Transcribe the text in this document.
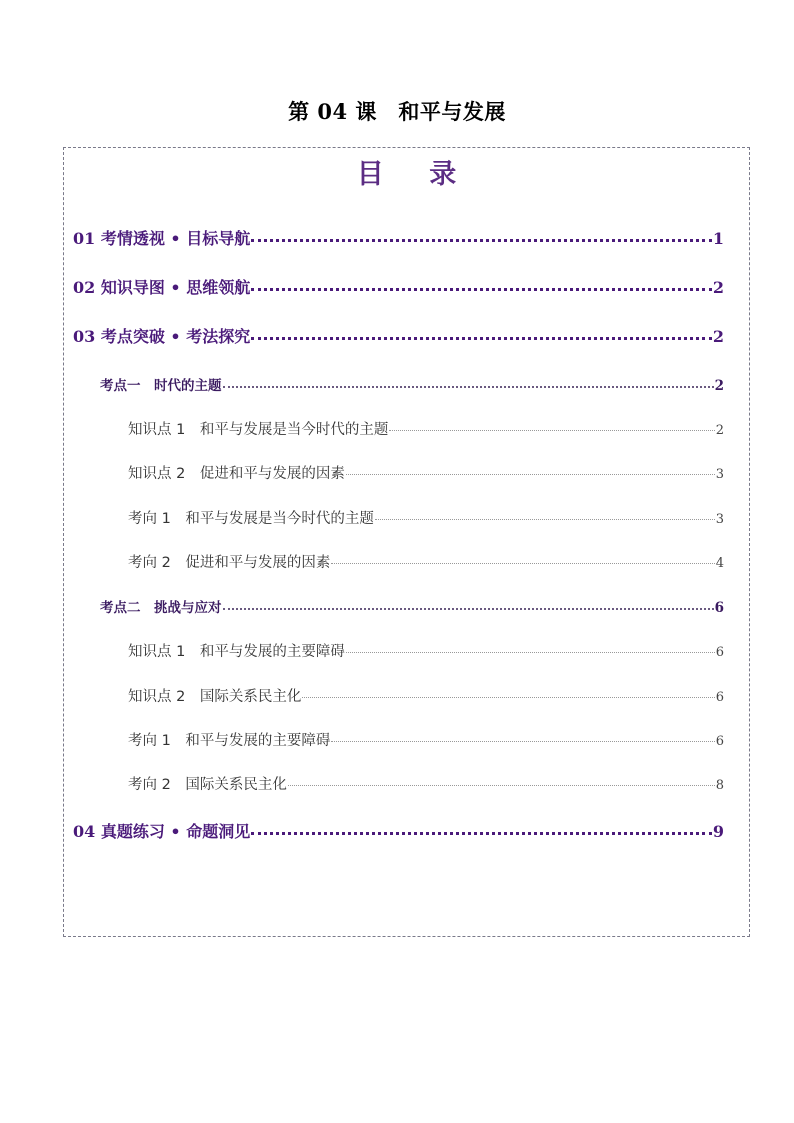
第 04 课　和平与发展
目 录
01 考情透视 • 目标导航	1
02 知识导图 • 思维领航	2
03 考点突破 • 考法探究	2
考点一　时代的主题	2
知识点 1　和平与发展是当今时代的主题	2
知识点 2　促进和平与发展的因素	3
考向 1　和平与发展是当今时代的主题	3
考向 2　促进和平与发展的因素	4
考点二　挑战与应对	6
知识点 1　和平与发展的主要障碍	6
知识点 2　国际关系民主化	6
考向 1　和平与发展的主要障碍	6
考向 2　国际关系民主化	8
04 真题练习 • 命题洞见	9
